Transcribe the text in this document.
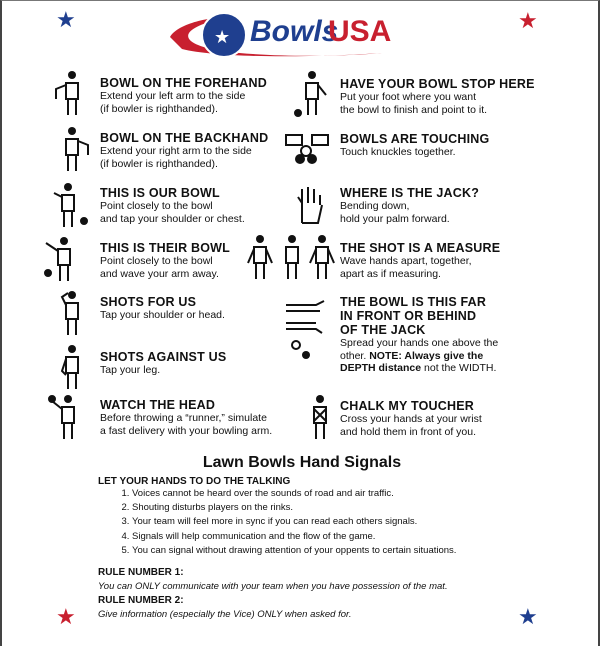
★	★
★	★
★ Bowls
USA
BOWL ON THE FOREHAND
Extend your left arm to the side
(if bowler is righthanded).
BOWL ON THE BACKHAND
Extend your right arm to the side
(if bowler is righthanded).
THIS IS OUR BOWL
Point closely to the bowl
and tap your shoulder or chest.
THIS IS THEIR BOWL
Point closely to the bowl
and wave your arm away.
SHOTS FOR US
Tap your shoulder or head.
SHOTS AGAINST US
Tap your leg.
WATCH THE HEAD
Before throwing a “runner,” simulate
a fast delivery with your bowling arm.
HAVE YOUR BOWL STOP HERE
Put your foot where you want
the bowl to finish and point to it.
BOWLS ARE TOUCHING
Touch knuckles together.
WHERE IS THE JACK?
Bending down,
hold your palm forward.
THE SHOT IS A MEASURE
Wave hands apart, together,
apart as if measuring.
THE BOWL IS THIS FAR
IN FRONT OR BEHIND
OF THE JACK
Spread your hands one above the
other. NOTE: Always give the
DEPTH distance not the WIDTH.
CHALK MY TOUCHER
Cross your hands at your wrist
and hold them in front of you.
Lawn Bowls Hand Signals
LET YOUR HANDS TO DO THE TALKING
1. Voices cannot be heard over the sounds of road and air traffic.
2. Shouting disturbs players on the rinks.
3. Your team will feel more in sync if you can read each others signals.
4. Signals will help communication and the flow of the game.
5. You can signal without drawing attention of your oppents to certain situations.
RULE NUMBER 1:
You can ONLY communicate with your team when you have possession of the mat.
RULE NUMBER 2:
Give information (especially the Vice) ONLY when asked for.
